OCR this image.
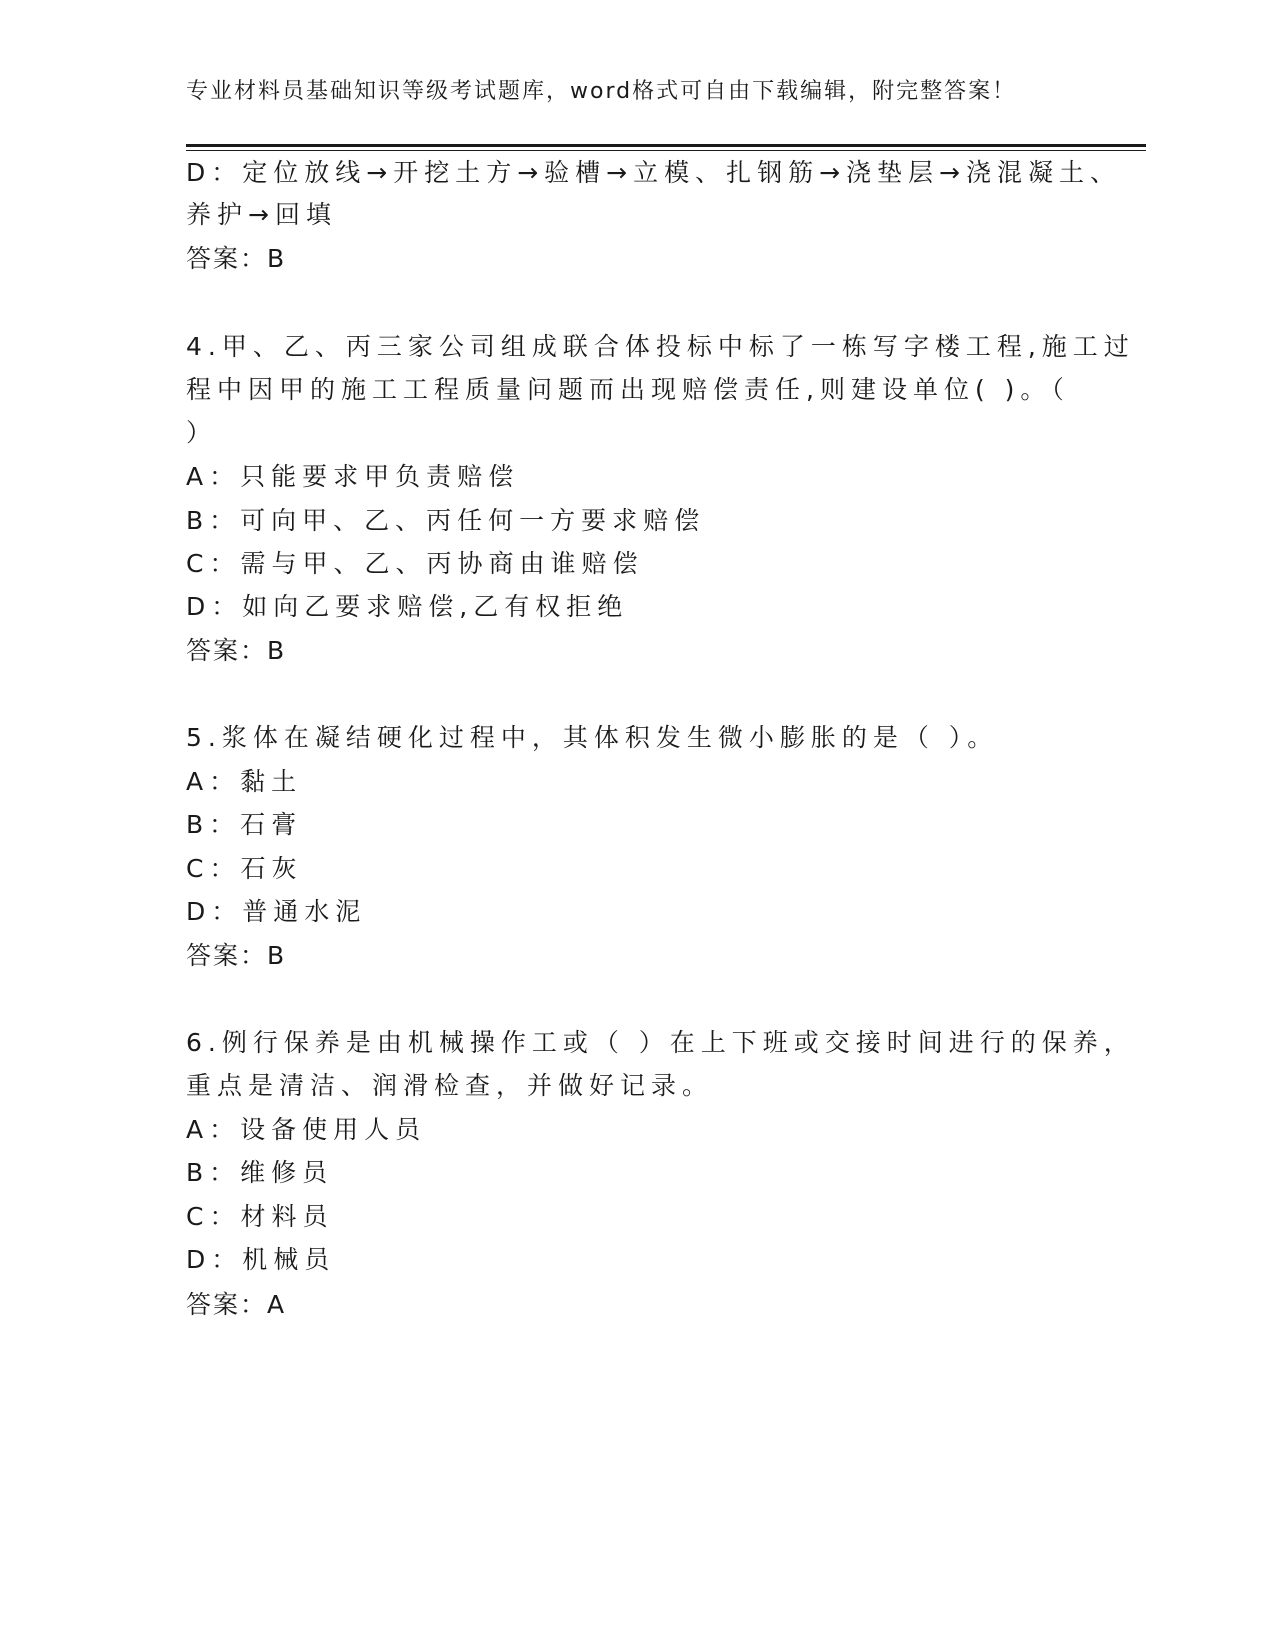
专业材料员基础知识等级考试题库，word格式可自由下载编辑，附完整答案！
D：定位放线→开挖土方→验槽→立模、扎钢筋→浇垫层→浇混凝土、
养护→回填
答案：B
4.甲、乙、丙三家公司组成联合体投标中标了一栋写字楼工程,施工过
程中因甲的施工工程质量问题而出现赔偿责任,则建设单位( )。（
）
A：只能要求甲负责赔偿
B：可向甲、乙、丙任何一方要求赔偿
C：需与甲、乙、丙协商由谁赔偿
D：如向乙要求赔偿,乙有权拒绝
答案：B
5.浆体在凝结硬化过程中，其体积发生微小膨胀的是（ ）。
A：黏土
B：石膏
C：石灰
D：普通水泥
答案：B
6.例行保养是由机械操作工或（ ）在上下班或交接时间进行的保养，
重点是清洁、润滑检查，并做好记录。
A：设备使用人员
B：维修员
C：材料员
D：机械员
答案：A
